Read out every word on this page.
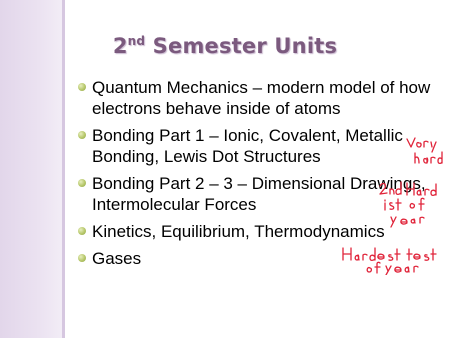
2nd Semester Units
Quantum Mechanics – modern model of how electrons behave inside of atoms
Bonding Part 1 – Ionic, Covalent, Metallic Bonding, Lewis Dot Structures
Bonding Part 2 – 3 – Dimensional Drawings, Intermolecular Forces
Kinetics, Equilibrium, Thermodynamics
Gases
